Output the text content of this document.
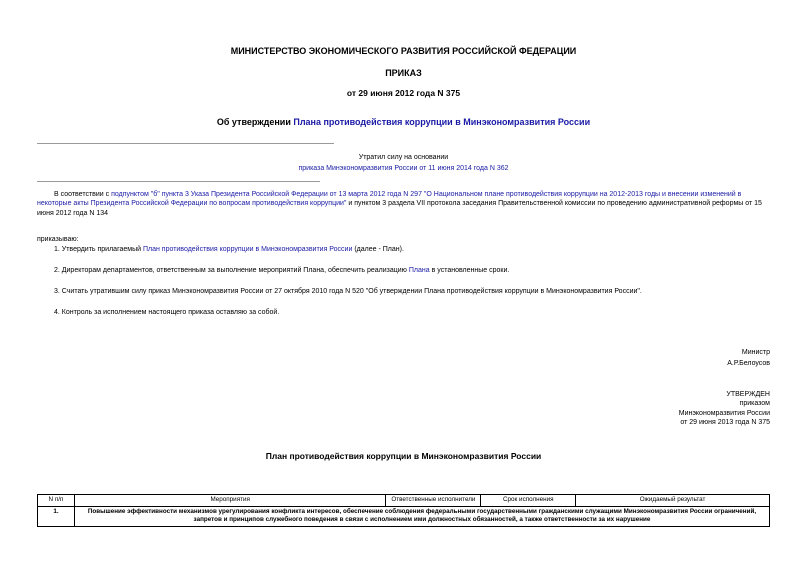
МИНИСТЕРСТВО ЭКОНОМИЧЕСКОГО РАЗВИТИЯ РОССИЙСКОЙ ФЕДЕРАЦИИ
ПРИКАЗ
от 29 июня 2012 года N 375
Об утверждении Плана противодействия коррупции в Минэкономразвития России
Утратил силу на основании
приказа Минэкономразвития России от 11 июня 2014 года N 362
В соответствии с подпунктом "б" пункта 3 Указа Президента Российской Федерации от 13 марта 2012 года N 297 "О Национальном плане противодействия коррупции на 2012-2013 годы и внесении изменений в некоторые акты Президента Российской Федерации по вопросам противодействия коррупции" и пунктом 3 раздела VII протокола заседания Правительственной комиссии по проведению административной реформы от 15 июня 2012 года N 134
приказываю:
1. Утвердить прилагаемый План противодействия коррупции в Минэкономразвития России (далее - План).
2. Директорам департаментов, ответственным за выполнение мероприятий Плана, обеспечить реализацию Плана в установленные сроки.
3. Считать утратившим силу приказ Минэкономразвития России от 27 октября 2010 года N 520 "Об утверждении Плана противодействия коррупции в Минэкономразвития России".
4. Контроль за исполнением настоящего приказа оставляю за собой.
Министр
А.Р.Белоусов
УТВЕРЖДЕН
приказом
Минэкономразвития России
от 29 июня 2013 года N 375
План противодействия коррупции в Минэкономразвития России
N п/п	Мероприятия	Ответственные исполнители	Срок исполнения	Ожидаемый результат
1.	Повышение эффективности механизмов урегулирования конфликта интересов, обеспечение соблюдения федеральными государственными гражданскими служащими Минэкономразвития России ограничений, запретов и принципов служебного поведения в связи с исполнением ими должностных обязанностей, а также ответственности за их нарушение			
